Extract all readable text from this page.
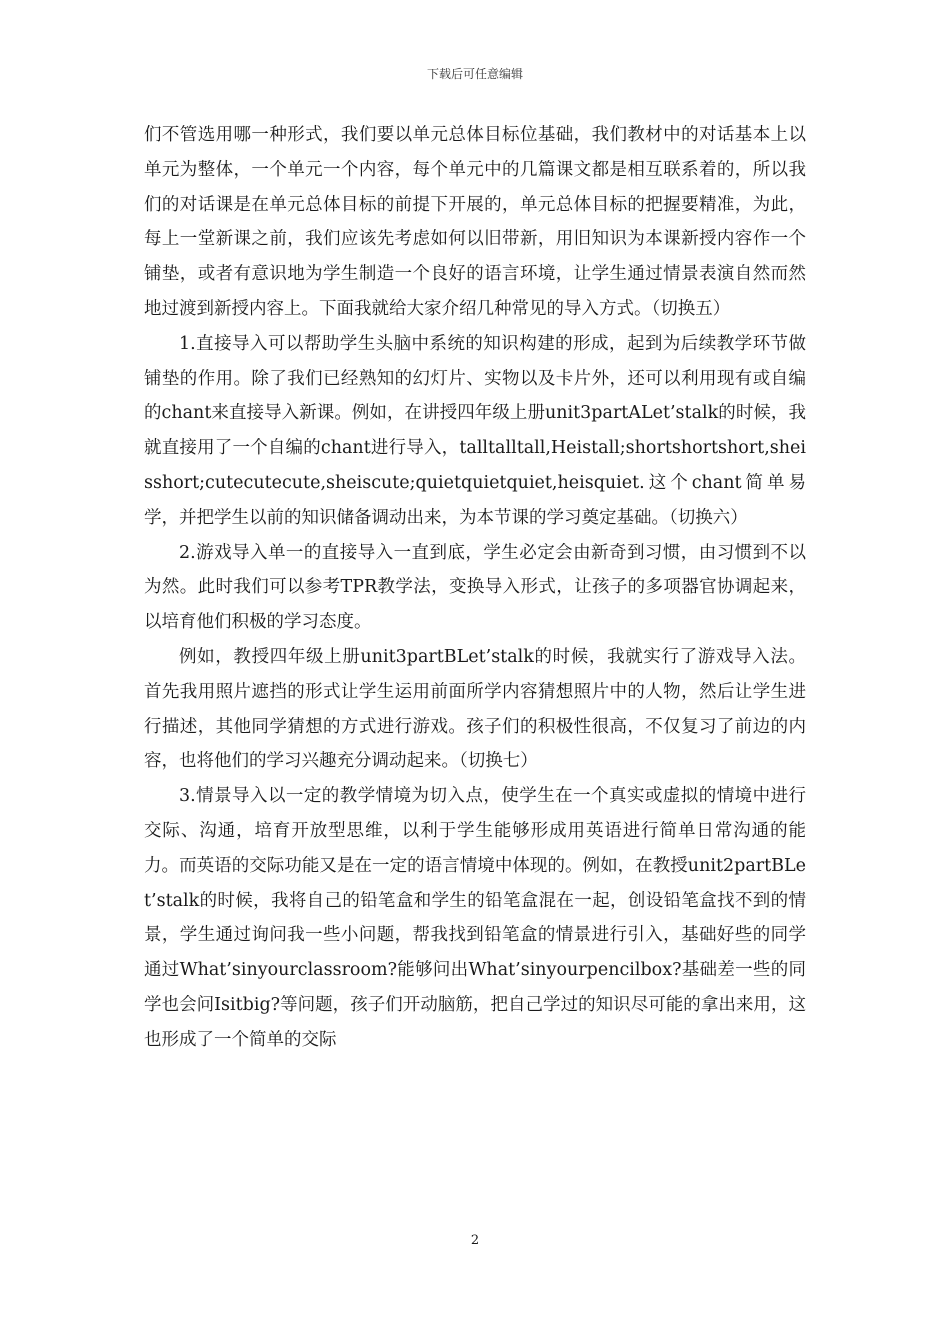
下载后可任意编辑

们不管选用哪一种形式，我们要以单元总体目标位基础，我们教材中的对话基本上以单元为整体，一个单元一个内容，每个单元中的几篇课文都是相互联系着的，所以我们的对话课是在单元总体目标的前提下开展的，单元总体目标的把握要精准，为此，每上一堂新课之前，我们应该先考虑如何以旧带新，用旧知识为本课新授内容作一个铺垫，或者有意识地为学生制造一个良好的语言环境，让学生通过情景表演自然而然地过渡到新授内容上。下面我就给大家介绍几种常见的导入方式。（切换五）

1.直接导入可以帮助学生头脑中系统的知识构建的形成，起到为后续教学环节做铺垫的作用。除了我们已经熟知的幻灯片、实物以及卡片外，还可以利用现有或自编的chant来直接导入新课。例如，在讲授四年级上册unit3partALet’stalk的时候，我就直接用了一个自编的chant进行导入，talltalltall,Heistall;shortshortshort,sheisshort;cutecutecute,sheiscute;quietquietquiet,heisquiet.这个chant简单易学，并把学生以前的知识储备调动出来，为本节课的学习奠定基础。（切换六）

2.游戏导入单一的直接导入一直到底，学生必定会由新奇到习惯，由习惯到不以为然。此时我们可以参考TPR教学法，变换导入形式，让孩子的多项器官协调起来，以培育他们积极的学习态度。

例如，教授四年级上册unit3partBLet’stalk的时候，我就实行了游戏导入法。首先我用照片遮挡的形式让学生运用前面所学内容猜想照片中的人物，然后让学生进行描述，其他同学猜想的方式进行游戏。孩子们的积极性很高，不仅复习了前边的内容，也将他们的学习兴趣充分调动起来。（切换七）

3.情景导入以一定的教学情境为切入点，使学生在一个真实或虚拟的情境中进行交际、沟通，培育开放型思维，以利于学生能够形成用英语进行简单日常沟通的能力。而英语的交际功能又是在一定的语言情境中体现的。例如，在教授unit2partBLet’stalk的时候，我将自己的铅笔盒和学生的铅笔盒混在一起，创设铅笔盒找不到的情景，学生通过询问我一些小问题，帮我找到铅笔盒的情景进行引入，基础好些的同学通过What’sinyourclassroom?能够问出What’sinyourpencilbox?基础差一些的同学也会问Isitbig?等问题，孩子们开动脑筋，把自己学过的知识尽可能的拿出来用，这也形成了一个简单的交际

2
